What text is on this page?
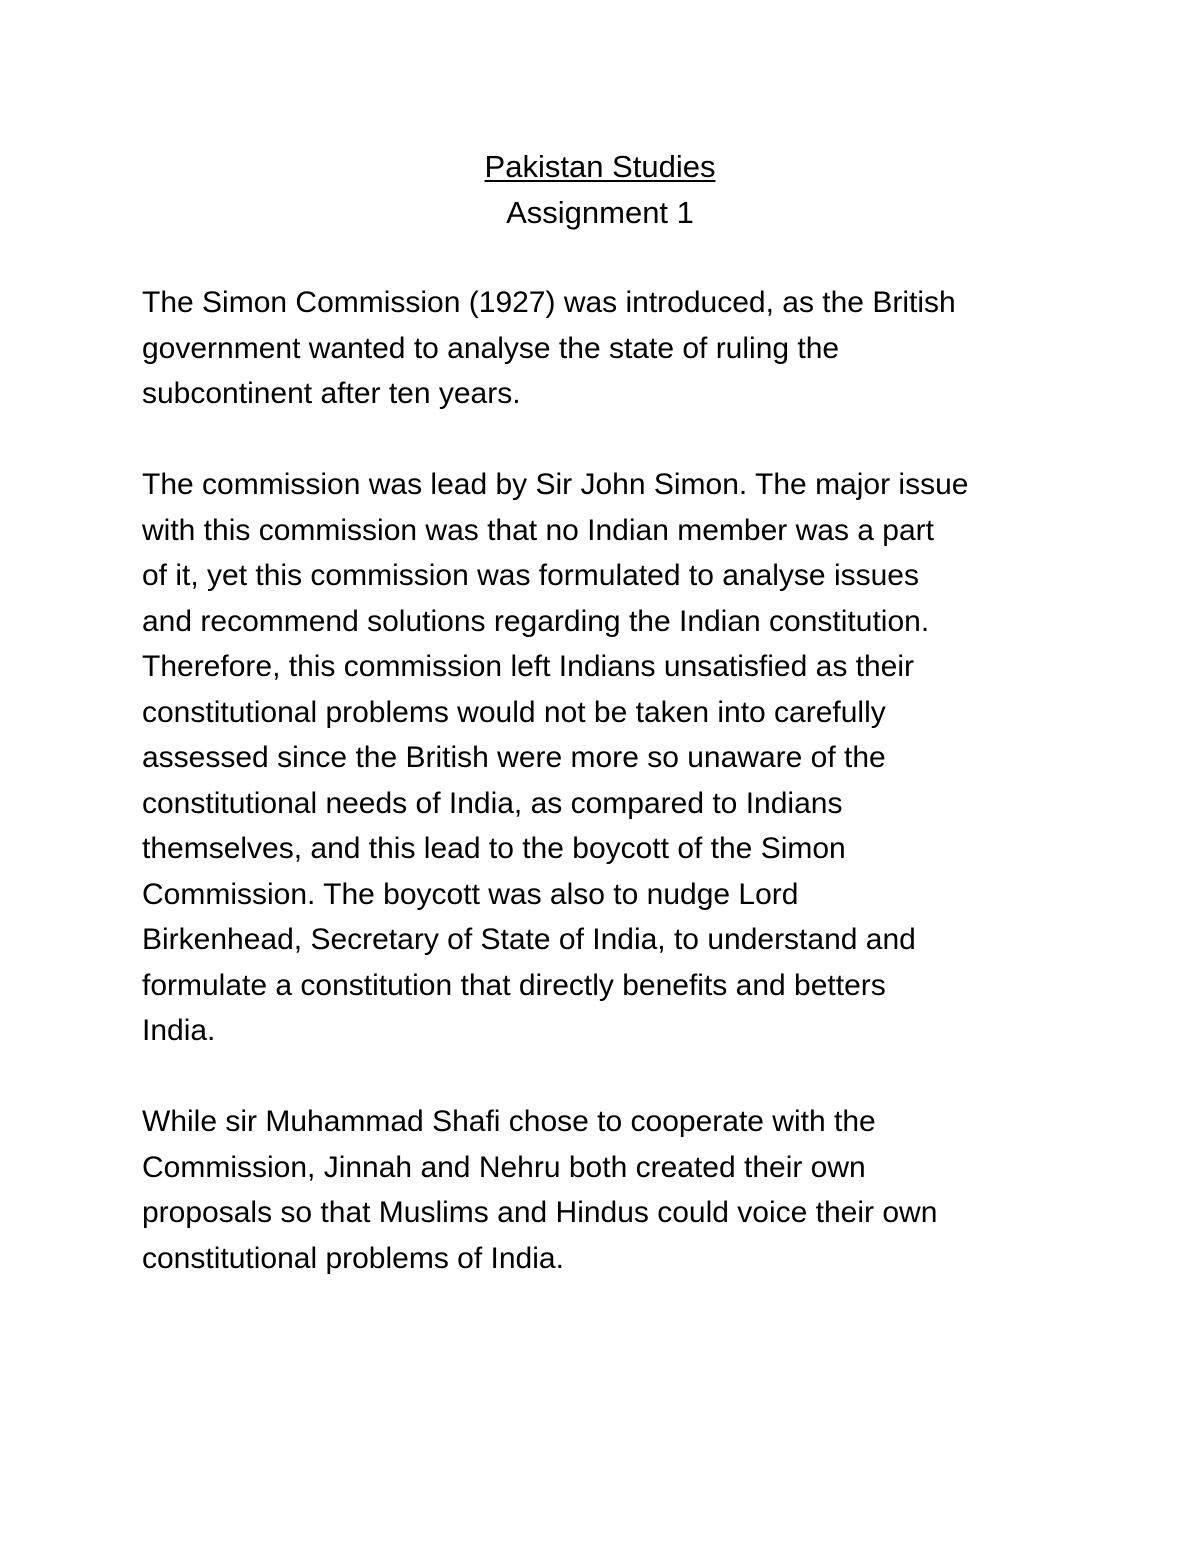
Pakistan Studies
Assignment 1

The Simon Commission (1927) was introduced, as the British
government wanted to analyse the state of ruling the
subcontinent after ten years.

The commission was lead by Sir John Simon. The major issue
with this commission was that no Indian member was a part
of it, yet this commission was formulated to analyse issues
and recommend solutions regarding the Indian constitution.
Therefore, this commission left Indians unsatisfied as their
constitutional problems would not be taken into carefully
assessed since the British were more so unaware of the
constitutional needs of India, as compared to Indians
themselves, and this lead to the boycott of the Simon
Commission. The boycott was also to nudge Lord
Birkenhead, Secretary of State of India, to understand and
formulate a constitution that directly benefits and betters
India.

While sir Muhammad Shafi chose to cooperate with the
Commission, Jinnah and Nehru both created their own
proposals so that Muslims and Hindus could voice their own
constitutional problems of India.
